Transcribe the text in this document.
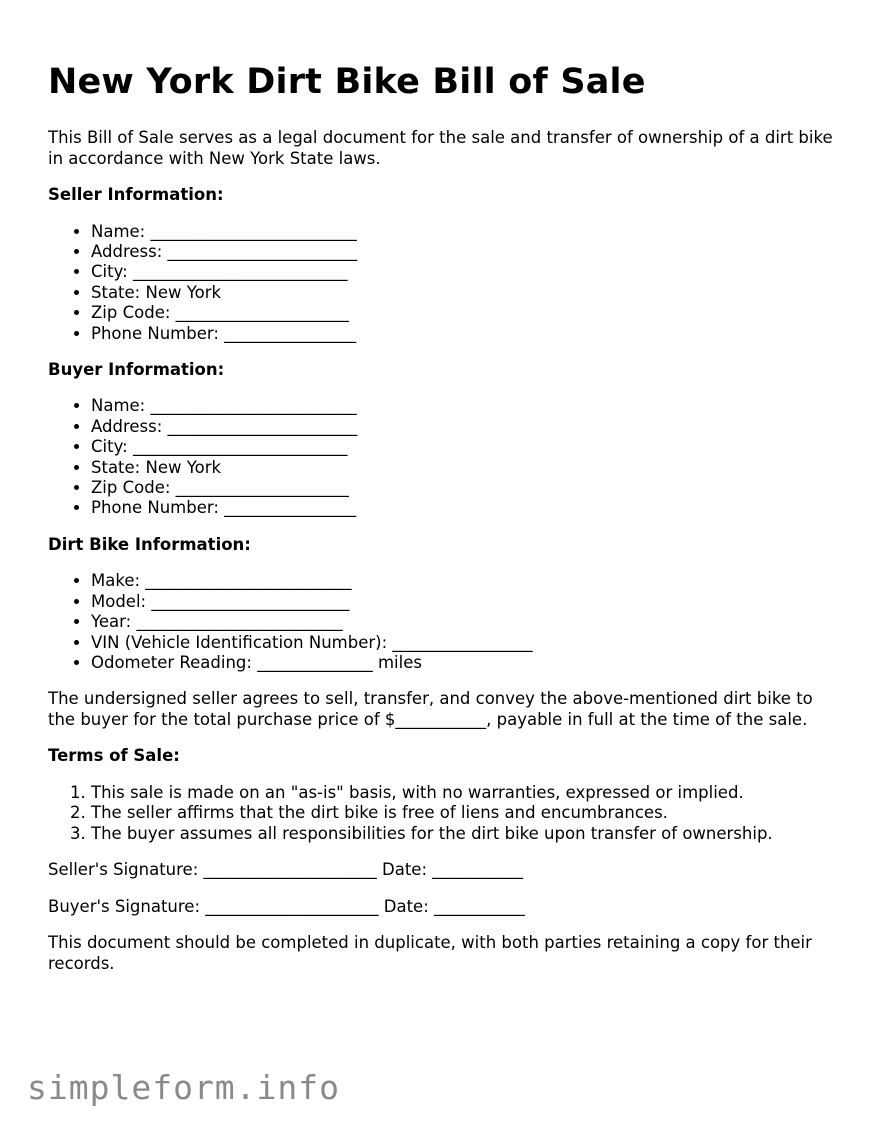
New York Dirt Bike Bill of Sale

This Bill of Sale serves as a legal document for the sale and transfer of ownership of a dirt bike in accordance with New York State laws.

Seller Information:

• Name: _________________________
• Address: _______________________
• City: __________________________
• State: New York
• Zip Code: _____________________
• Phone Number: ________________

Buyer Information:

• Name: _________________________
• Address: _______________________
• City: __________________________
• State: New York
• Zip Code: _____________________
• Phone Number: ________________

Dirt Bike Information:

• Make: _________________________
• Model: ________________________
• Year: _________________________
• VIN (Vehicle Identification Number): _________________
• Odometer Reading: ______________ miles

The undersigned seller agrees to sell, transfer, and convey the above-mentioned dirt bike to the buyer for the total purchase price of $___________, payable in full at the time of the sale.

Terms of Sale:

1. This sale is made on an "as-is" basis, with no warranties, expressed or implied.
2. The seller affirms that the dirt bike is free of liens and encumbrances.
3. The buyer assumes all responsibilities for the dirt bike upon transfer of ownership.

Seller's Signature: _____________________ Date: ___________

Buyer's Signature: _____________________ Date: ___________

This document should be completed in duplicate, with both parties retaining a copy for their records.

simpleform.info
